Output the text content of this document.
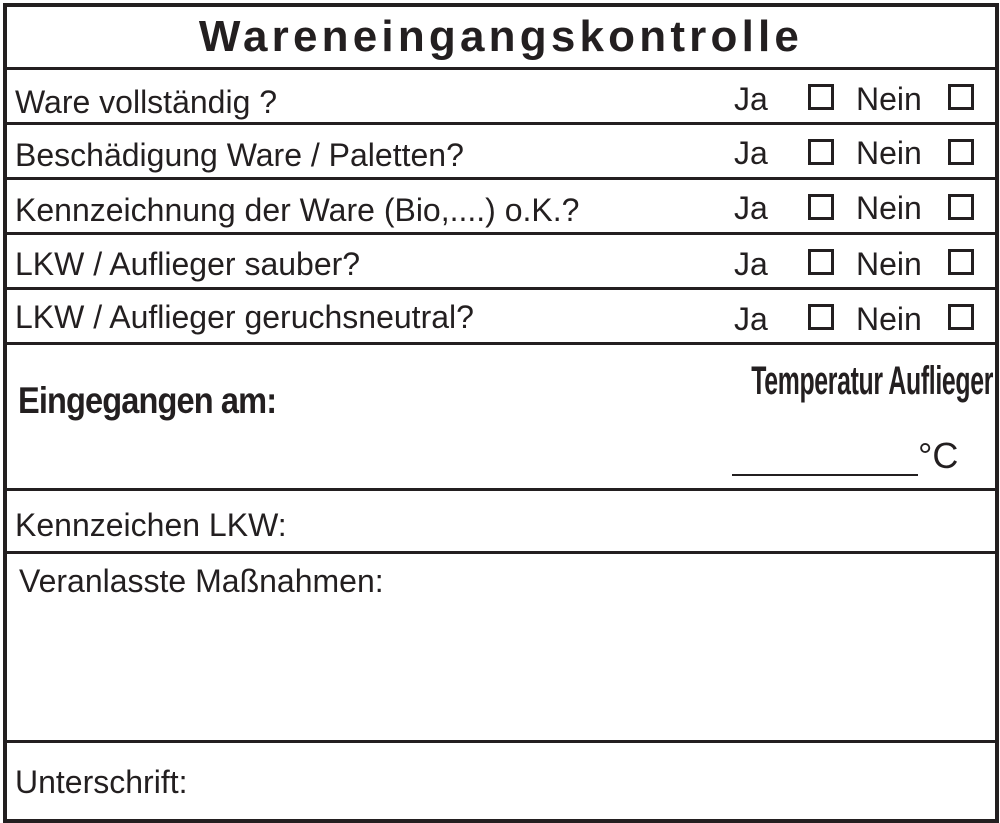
Wareneingangskontrolle
Ware vollständig ?	Ja	Nein
Beschädigung Ware / Paletten?	Ja	Nein
Kennzeichnung der Ware (Bio,....) o.K.?	Ja	Nein
LKW / Auflieger sauber?	Ja	Nein
LKW / Auflieger geruchsneutral?	Ja	Nein
Eingegangen am:	Temperatur Auflieger
°C
Kennzeichen LKW:
Veranlasste Maßnahmen:
Unterschrift:
